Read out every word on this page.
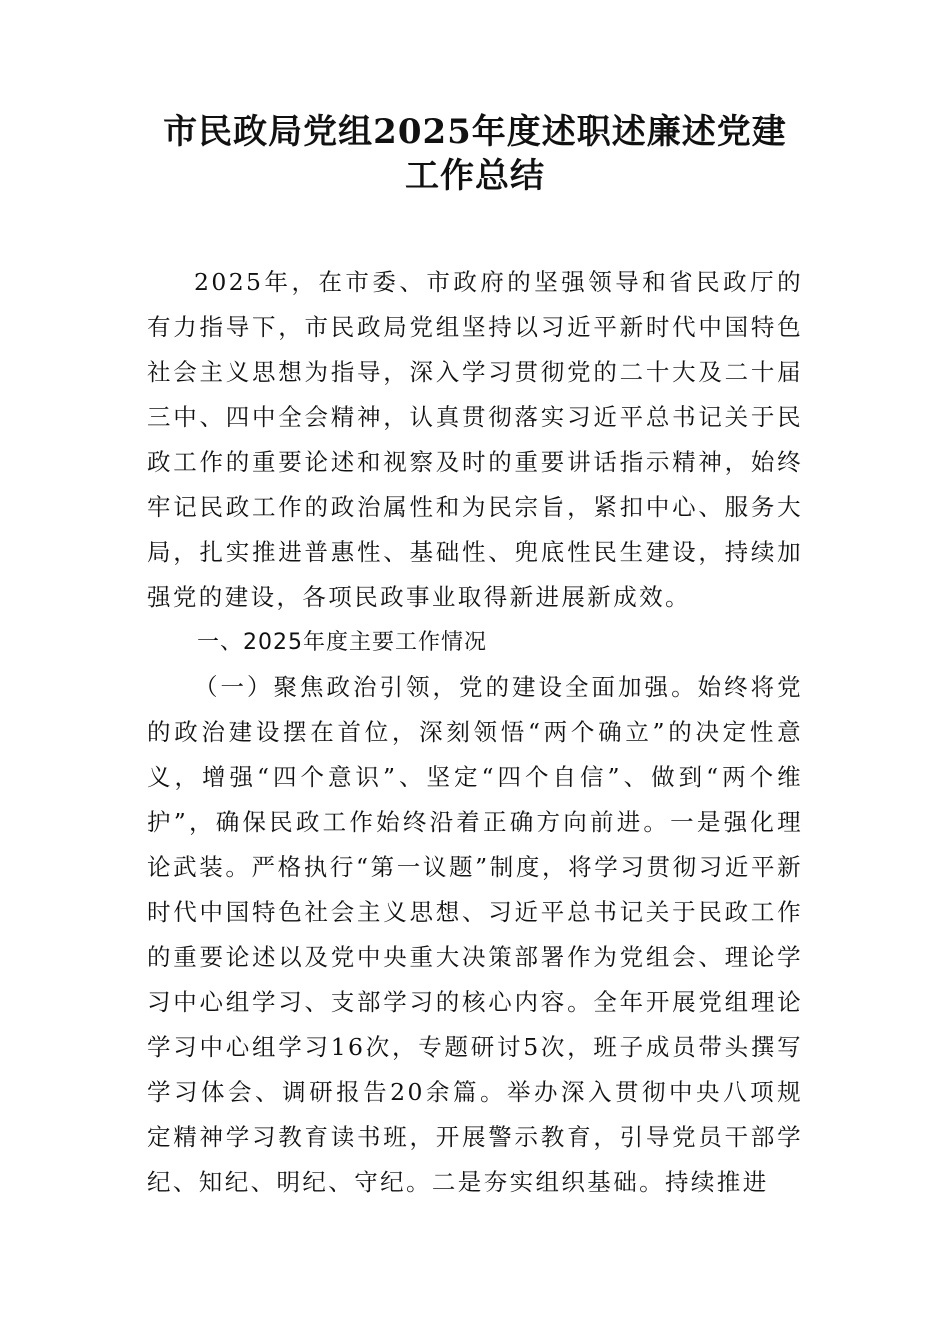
市民政局党组2025年度述职述廉述党建工作总结

2025年，在市委、市政府的坚强领导和省民政厅的有力指导下，市民政局党组坚持以习近平新时代中国特色社会主义思想为指导，深入学习贯彻党的二十大及二十届三中、四中全会精神，认真贯彻落实习近平总书记关于民政工作的重要论述和视察及时的重要讲话指示精神，始终牢记民政工作的政治属性和为民宗旨，紧扣中心、服务大局，扎实推进普惠性、基础性、兜底性民生建设，持续加强党的建设，各项民政事业取得新进展新成效。

一、2025年度主要工作情况

（一）聚焦政治引领，党的建设全面加强。始终将党的政治建设摆在首位，深刻领悟“两个确立”的决定性意义，增强“四个意识”、坚定“四个自信”、做到“两个维护”，确保民政工作始终沿着正确方向前进。一是强化理论武装。严格执行“第一议题”制度，将学习贯彻习近平新时代中国特色社会主义思想、习近平总书记关于民政工作的重要论述以及党中央重大决策部署作为党组会、理论学习中心组学习、支部学习的核心内容。全年开展党组理论学习中心组学习16次，专题研讨5次，班子成员带头撰写学习体会、调研报告20余篇。举办深入贯彻中央八项规定精神学习教育读书班，开展警示教育，引导党员干部学纪、知纪、明纪、守纪。二是夯实组织基础。持续推进
